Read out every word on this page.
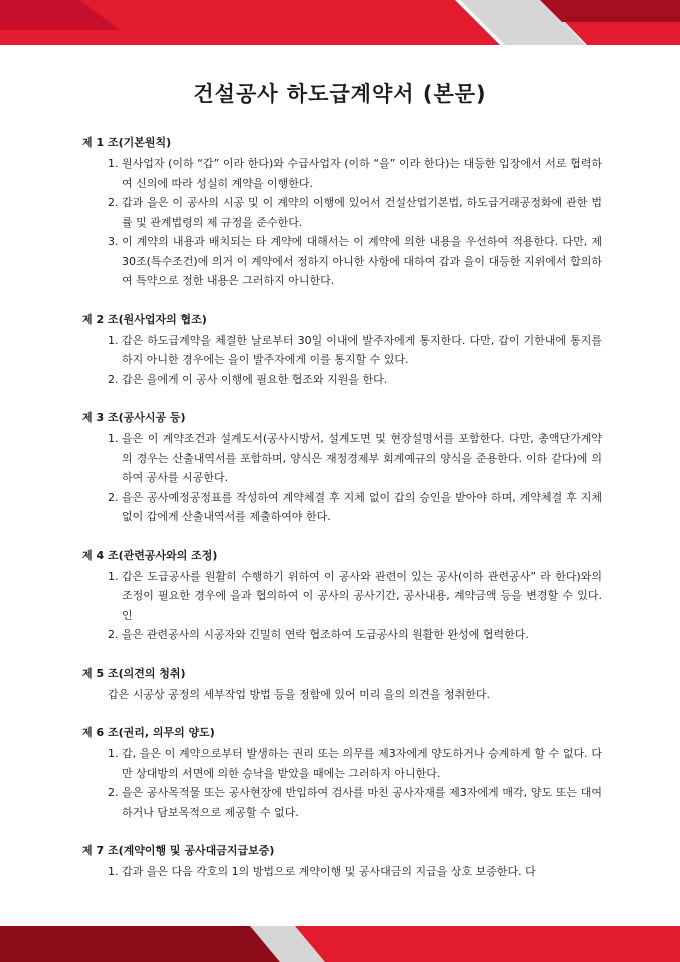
건설공사 하도급계약서 (본문)

제 1 조(기본원칙)

1. 원사업자 (이하 “갑” 이라 한다)와 수급사업자 (이하 “을” 이라 한다)는 대등한 입장에서 서로 협력하여 신의에 따라 성실히 계약을 이행한다.
2. 갑과 을은 이 공사의 시공 및 이 계약의 이행에 있어서 건설산업기본법, 하도급거래공정화에 관한 법률 및 관계법령의 제 규정을 준수한다.
3. 이 계약의 내용과 배치되는 타 계약에 대해서는 이 계약에 의한 내용을 우선하여 적용한다. 다만, 제30조(특수조건)에 의거 이 계약에서 정하지 아니한 사항에 대하여 갑과 을이 대등한 지위에서 합의하여 특약으로 정한 내용은 그러하지 아니한다.

제 2 조(원사업자의 협조)

1. 갑은 하도급계약을 체결한 날로부터 30일 이내에 발주자에게 통지한다. 다만, 갑이 기한내에 통지를 하지 아니한 경우에는 을이 발주자에게 이를 통지할 수 있다.
2. 갑은 을에게 이 공사 이행에 필요한 협조와 지원을 한다.

제 3 조(공사시공 등)

1. 을은 이 계약조건과 설계도서(공사시방서, 설계도면 및 현장설명서를 포함한다. 다만, 총액단가계약의 경우는 산출내역서를 포함하며, 양식은 재정경제부 회계예규의 양식을 준용한다. 이하 같다)에 의하여 공사를 시공한다.
2. 을은 공사예정공정표를 작성하여 계약체결 후 지체 없이 갑의 승인을 받아야 하며, 계약체결 후 지체 없이 갑에게 산출내역서를 제출하여야 한다.

제 4 조(관련공사와의 조정)

1. 갑은 도급공사를 원활히 수행하기 위하여 이 공사와 관련이 있는 공사(이하 관련공사” 라 한다)와의 조정이 필요한 경우에 을과 협의하여 이 공사의 공사기간, 공사내용, 계약금액 등을 변경할 수 있다.인
2. 을은 관련공사의 시공자와 긴밀히 연락 협조하여 도급공사의 원활한 완성에 협력한다.

제 5 조(의견의 청취)

갑은 시공상 공정의 세부작업 방법 등을 정함에 있어 미리 을의 의견을 청취한다.

제 6 조(권리, 의무의 양도)

1. 갑, 을은 이 계약으로부터 발생하는 권리 또는 의무를 제3자에게 양도하거나 승계하게 할 수 없다. 다만 상대방의 서면에 의한 승낙을 받았을 때에는 그러하지 아니한다.
2. 을은 공사목적물 또는 공사현장에 반입하여 검사를 마친 공사자재를 제3자에게 매각, 양도 또는 대여하거나 담보목적으로 제공할 수 없다.

제 7 조(계약이행 및 공사대금지급보증)

1. 갑과 을은 다음 각호의 1의 방법으로 계약이행 및 공사대금의 지급을 상호 보증한다. 다
